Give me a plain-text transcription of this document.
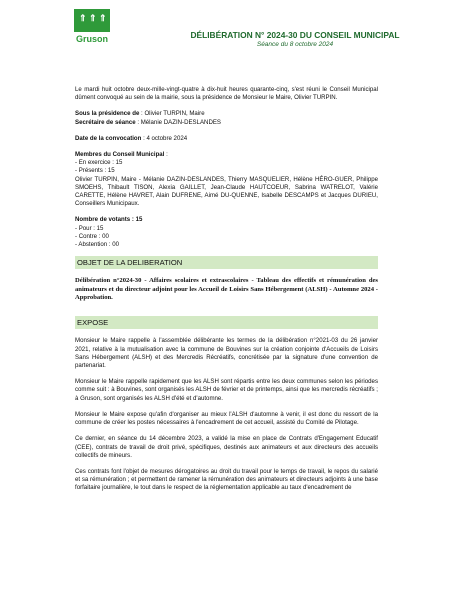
⇑ ⇑ ⇑
Gruson	DÉLIBÉRATION N° 2024-30 DU CONSEIL MUNICIPAL
Séance du 8 octobre 2024

Le mardi huit octobre deux-mille-vingt-quatre à dix-huit heures quarante-cinq, s'est réuni le Conseil Municipal dûment convoqué au sein de la mairie, sous la présidence de Monsieur le Maire, Olivier TURPIN.

Sous la présidence de : Olivier TURPIN, Maire

Secrétaire de séance : Mélanie DAZIN-DESLANDES

Date de la convocation : 4 octobre 2024

Membres du Conseil Municipal :

- En exercice : 15

- Présents : 15

Olivier TURPIN, Maire - Mélanie DAZIN-DESLANDES, Thierry MASQUELIER, Hélène HÉRO-GUER, Philippe SMOEHS, Thibault TISON, Alexia GAILLET, Jean-Claude HAUTCOEUR, Sabrina WATRELOT, Valérie CARETTE, Hélène HAVRET, Alain DUFRENE, Aimé DU-QUENNE, Isabelle DESCAMPS et Jacques DURIEU, Conseillers Municipaux.

Nombre de votants : 15

- Pour : 15

- Contre : 00

- Abstention : 00

OBJET DE LA DELIBERATION

Délibération n°2024-30 - Affaires scolaires et extrascolaires - Tableau des effectifs et rémunération des animateurs et du directeur adjoint pour les Accueil de Loisirs Sans Hébergement (ALSH) - Automne 2024 - Approbation.

EXPOSE

Monsieur le Maire rappelle à l'assemblée délibérante les termes de la délibération n°2021-03 du 26 janvier 2021, relative à la mutualisation avec la commune de Bouvines sur la création conjointe d'Accueils de Loisirs Sans Hébergement (ALSH) et des Mercredis Récréatifs, concrétisée par la signature d'une convention de partenariat.

Monsieur le Maire rappelle rapidement que les ALSH sont répartis entre les deux communes selon les périodes comme suit : à Bouvines, sont organisés les ALSH de février et de printemps, ainsi que les mercredis récréatifs ; à Gruson, sont organisés les ALSH d'été et d'automne.

Monsieur le Maire expose qu'afin d'organiser au mieux l'ALSH d'automne à venir, il est donc du ressort de la commune de créer les postes nécessaires à l'encadrement de cet accueil, assisté du Comité de Pilotage.

Ce dernier, en séance du 14 décembre 2023, a validé la mise en place de Contrats d'Engagement Educatif (CEE), contrats de travail de droit privé, spécifiques, destinés aux animateurs et aux directeurs des accueils collectifs de mineurs.

Ces contrats font l'objet de mesures dérogatoires au droit du travail pour le temps de travail, le repos du salarié et sa rémunération ; et permettent de ramener la rémunération des animateurs et directeurs adjoints à une base forfaitaire journalière, le tout dans le respect de la réglementation applicable au taux d'encadrement de
